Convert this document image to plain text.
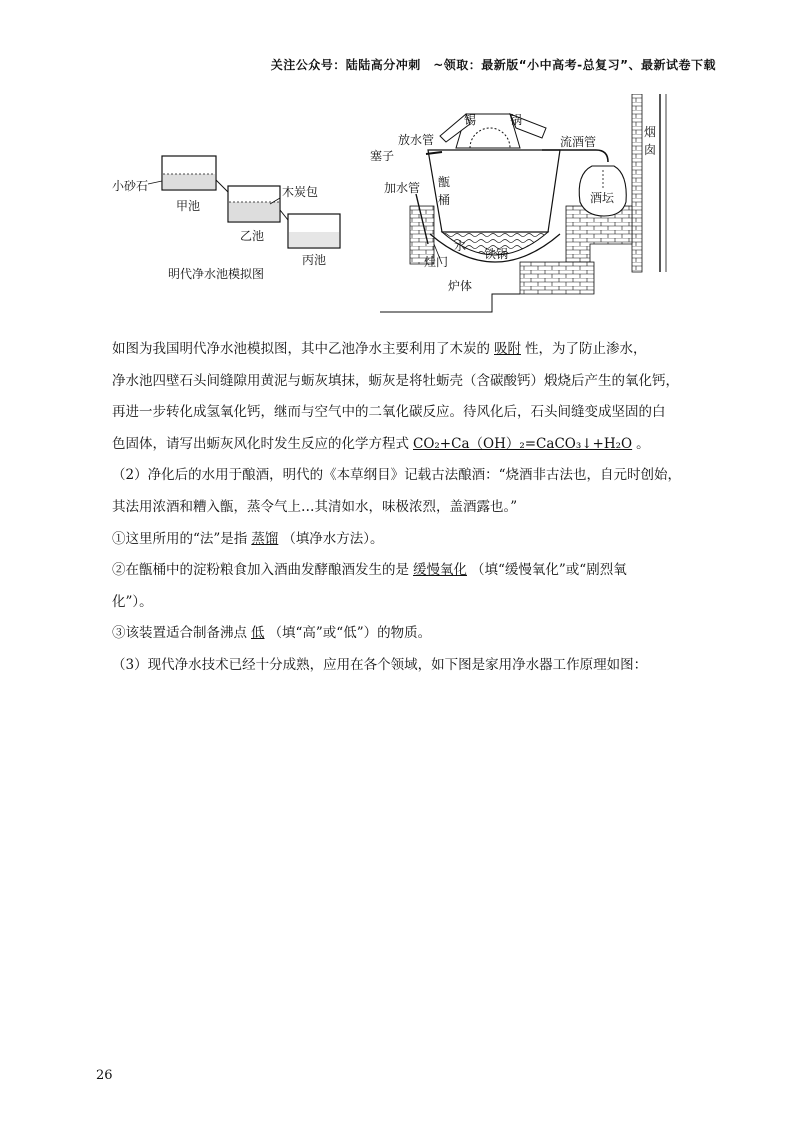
关注公众号：陆陆高分冲刺　~领取：最新版“小中高考-总复习”、最新试卷下载
小砂石
甲池
木炭包
乙池
丙池
明代净水池模拟图
锡	锅
放水管	流酒管
塞子
加水管 甑
桶	酒坛
烟
囱
水
铁锅
灶门
炉体
如图为我国明代净水池模拟图，其中乙池净水主要利用了木炭的 吸附 性，为了防止渗水，
净水池四壁石头间缝隙用黄泥与蛎灰填抹，蛎灰是将牡蛎壳（含碳酸钙）煅烧后产生的氧化钙，
再进一步转化成氢氧化钙，继而与空气中的二氧化碳反应。待风化后，石头间缝变成坚固的白
色固体，请写出蛎灰风化时发生反应的化学方程式 CO₂+Ca（OH）₂=CaCO₃↓+H₂O 。
（2）净化后的水用于酿酒，明代的《本草纲目》记载古法酿酒：“烧酒非古法也，自元时创始，
其法用浓酒和糟入甑，蒸令气上…其清如水，味极浓烈，盖酒露也。”
①这里所用的“法”是指 蒸馏 （填净水方法）。
②在甑桶中的淀粉粮食加入酒曲发酵酿酒发生的是 缓慢氧化 （填“缓慢氧化”或“剧烈氧
化”）。
③该装置适合制备沸点 低 （填“高”或“低”）的物质。
（3）现代净水技术已经十分成熟，应用在各个领域，如下图是家用净水器工作原理如图：
26
